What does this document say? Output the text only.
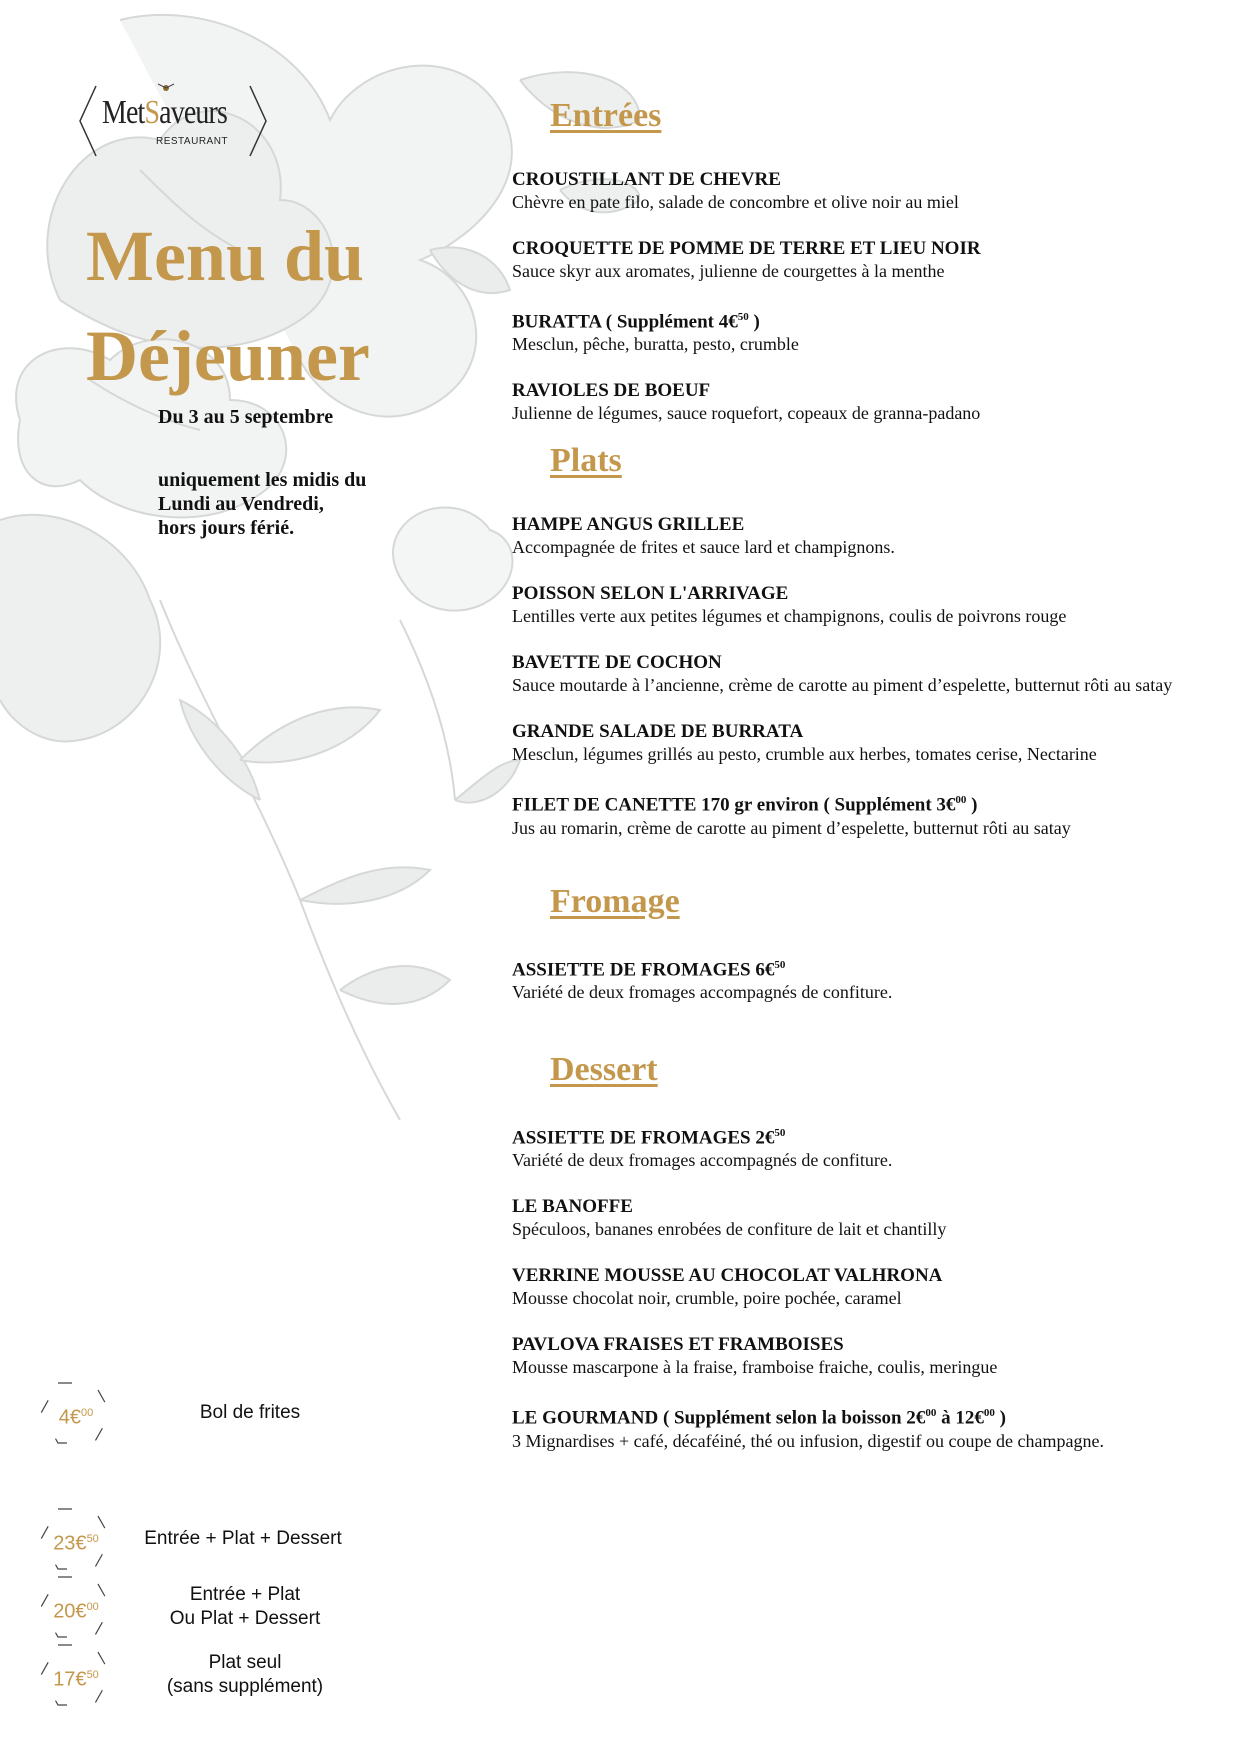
MetSaveurs
RESTAURANT
Menu du
Déjeuner
Du 3 au 5 septembre
uniquement les midis du
Lundi au Vendredi,
hors jours férié.
Entrées
CROUSTILLANT DE CHEVRE
Chèvre en pate filo, salade de concombre et olive noir au miel
CROQUETTE DE POMME DE TERRE ET LIEU NOIR
Sauce skyr aux aromates, julienne de courgettes à la menthe
BURATTA ( Supplément 4€$^{50}$ )
Mesclun, pêche, buratta, pesto, crumble
RAVIOLES DE BOEUF
Julienne de légumes, sauce roquefort, copeaux de granna-padano
Plats
HAMPE ANGUS GRILLEE
Accompagnée de frites et sauce lard et champignons.
POISSON SELON L'ARRIVAGE
Lentilles verte aux petites légumes et champignons, coulis de poivrons rouge
BAVETTE DE COCHON
Sauce moutarde à l’ancienne, crème de carotte au piment d’espelette, butternut rôti au satay
GRANDE SALADE DE BURRATA
Mesclun, légumes grillés au pesto, crumble aux herbes, tomates cerise, Nectarine
FILET DE CANETTE 170 gr environ ( Supplément 3€$^{00}$ )
Jus au romarin, crème de carotte au piment d’espelette, butternut rôti au satay
Fromage
ASSIETTE DE FROMAGES 6€$^{50}$
Variété de deux fromages accompagnés de confiture.
Dessert
ASSIETTE DE FROMAGES 2€$^{50}$
Variété de deux fromages accompagnés de confiture.
LE BANOFFE
Spéculoos, bananes enrobées de confiture de lait et chantilly
VERRINE MOUSSE AU CHOCOLAT VALHRONA
Mousse chocolat noir, crumble, poire pochée, caramel
PAVLOVA FRAISES ET FRAMBOISES
Mousse mascarpone à la fraise, framboise fraiche, coulis, meringue
LE GOURMAND ( Supplément selon la boisson 2€$^{00}$ à 12€$^{00}$ )
3 Mignardises + café, décaféiné, thé ou infusion, digestif ou coupe de champagne.
4€$^{00}$	Bol de frites
23€$^{50}$	Entrée + Plat + Dessert
20€$^{00}$
Entrée + Plat
Ou Plat + Dessert
17€$^{50}$
Plat seul
(sans supplément)
